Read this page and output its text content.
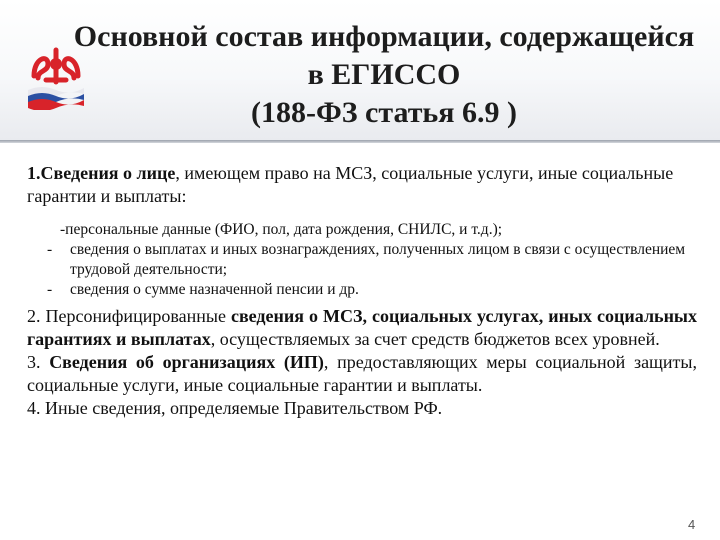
Основной состав информации, содержащейся
в ЕГИССО
(188-ФЗ статья 6.9 )

1.Сведения о лице, имеющем право на МСЗ, социальные услуги, иные социальные гарантии и выплаты:

-персональные данные (ФИО, пол, дата рождения, СНИЛС, и т.д.);
-	сведения о выплатах и иных вознаграждениях, полученных лицом в связи с осуществлением трудовой деятельности;
-	сведения о сумме назначенной пенсии и др.

2. Персонифицированные сведения о МСЗ, социальных услугах, иных социальных гарантиях и выплатах, осуществляемых за счет средств бюджетов всех уровней.

3. Сведения об организациях (ИП), предоставляющих меры социальной защиты, социальные услуги, иные социальные гарантии и выплаты.

4. Иные сведения, определяемые Правительством РФ.

4
